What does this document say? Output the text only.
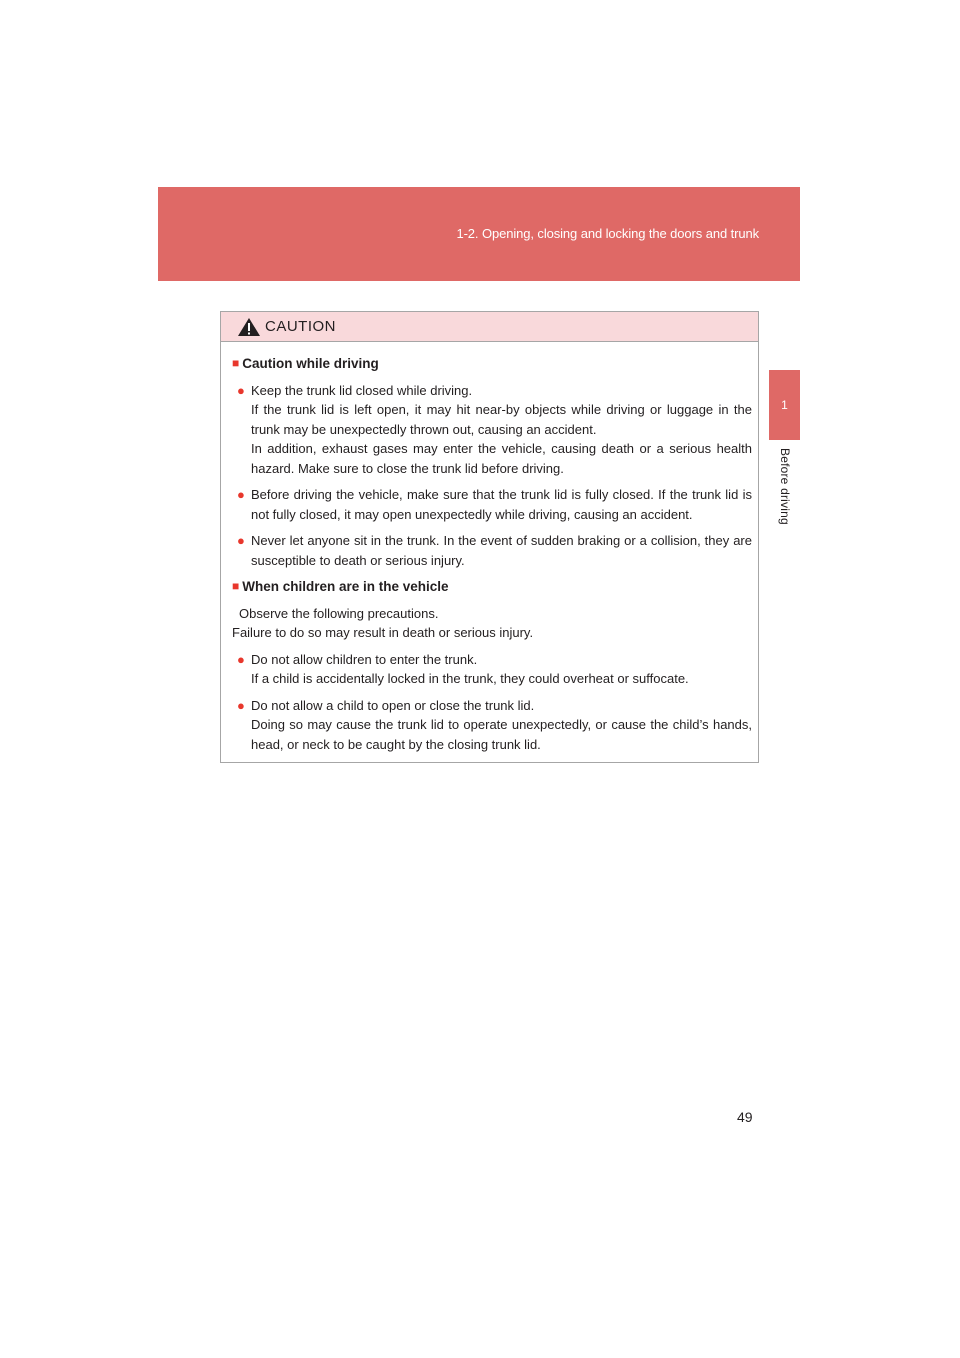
1-2. Opening, closing and locking the doors and trunk
1
Before driving
CAUTION
■ Caution while driving
● Keep the trunk lid closed while driving.

If the trunk lid is left open, it may hit near-by objects while driving or luggage in the trunk may be unexpectedly thrown out, causing an accident.

In addition, exhaust gases may enter the vehicle, causing death or a serious health hazard. Make sure to close the trunk lid before driving.

● Before driving the vehicle, make sure that the trunk lid is fully closed. If the trunk lid is not fully closed, it may open unexpectedly while driving, causing an accident.

● Never let anyone sit in the trunk. In the event of sudden braking or a collision, they are susceptible to death or serious injury.

■ When children are in the vehicle
Observe the following precautions.
Failure to do so may result in death or serious injury.
● Do not allow children to enter the trunk.

If a child is accidentally locked in the trunk, they could overheat or suffocate.

● Do not allow a child to open or close the trunk lid.

Doing so may cause the trunk lid to operate unexpectedly, or cause the child’s hands, head, or neck to be caught by the closing trunk lid.

49
